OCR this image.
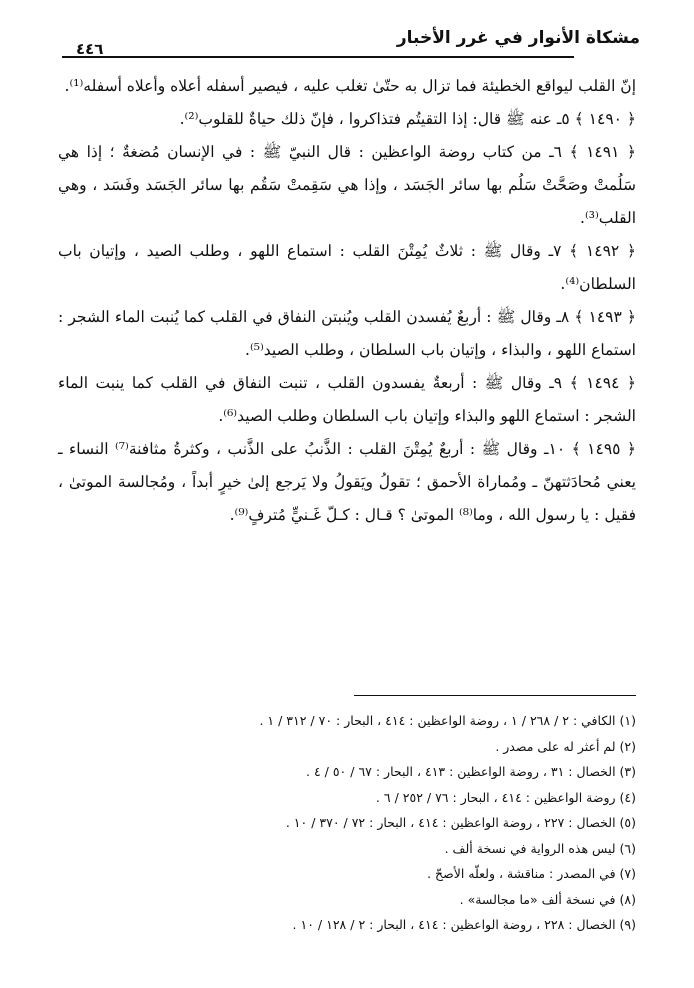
مشكاة الأنوار في غرر الأخبار
٤٤٦

إنّ القلب ليواقع الخطيئة فما تزال به حتّىٰ تغلب عليه ، فيصير أسفله أعلاه وأعلاه أسفله⁽¹⁾.

﴿ ١٤٩٠ ﴾ ٥ـ عنه ﷺ قال: إذا التقيتُم فتذاكروا ، فإنّ ذلك حياةٌ للقلوب⁽²⁾.

﴿ ١٤٩١ ﴾ ٦ـ من كتاب روضة الواعظين : قال النبيّ ﷺ : في الإنسان مُضغةٌ ؛ إذا هي سَلُمتْ وصَحَّتْ سَلُم بها سائر الجَسَد ، وإذا هي سَقِمتْ سَقُم بها سائر الجَسَد وفَسَد ، وهي القلب⁽³⁾.

﴿ ١٤٩٢ ﴾ ٧ـ وقال ﷺ : ثلاثٌ يُمِتْنَ القلب : استماع اللهو ، وطلب الصيد ، وإتيان باب السلطان⁽⁴⁾.

﴿ ١٤٩٣ ﴾ ٨ـ وقال ﷺ : أربعٌ يُفسدن القلب ويُنبتن النفاق في القلب كما يُنبت الماء الشجر : استماع اللهو ، والبذاء ، وإتيان باب السلطان ، وطلب الصيد⁽⁵⁾.

﴿ ١٤٩٤ ﴾ ٩ـ وقال ﷺ : أربعةٌ يفسدون القلب ، تنبت النفاق في القلب كما ينبت الماء الشجر : استماع اللهو والبذاء وإتيان باب السلطان وطلب الصيد⁽⁶⁾.

﴿ ١٤٩٥ ﴾ ١٠ـ وقال ﷺ : أربعٌ يُمِتْنَ القلب : الذَّنبُ على الذَّنب ، وكثرةُ مثافنة⁽⁷⁾ النساء ـ يعني مُحادَثتهنّ ـ ومُماراة الأحمق ؛ تقولُ ويَقولُ ولا يَرجع إلىٰ خيرٍ أبداً ، ومُجالسة الموتىٰ ، فقيل : يا رسول الله ، وما⁽⁸⁾ الموتىٰ ؟ قـال : كـلّ غَـنيٍّ مُترفٍ⁽⁹⁾.

(١) الكافي : ٢ / ٢٦٨ / ١ ، روضة الواعظين : ٤١٤ ، البحار : ٧٠ / ٣١٢ / ١ .
(٢) لم أعثر له على مصدر .
(٣) الخصال : ٣١ ، روضة الواعظين : ٤١٣ ، البحار : ٦٧ / ٥٠ / ٤ .
(٤) روضة الواعظين : ٤١٤ ، البحار : ٧٦ / ٢٥٢ / ٦ .
(٥) الخصال : ٢٢٧ ، روضة الواعظين : ٤١٤ ، البحار : ٧٢ / ٣٧٠ / ١٠ .
(٦) ليس هذه الرواية في نسخة ألف .
(٧) في المصدر : مناقشة ، ولعلّه الأصحّ .
(٨) في نسخة ألف «ما مجالسة» .
(٩) الخصال : ٢٢٨ ، روضة الواعظين : ٤١٤ ، البحار : ٢ / ١٢٨ / ١٠ .
